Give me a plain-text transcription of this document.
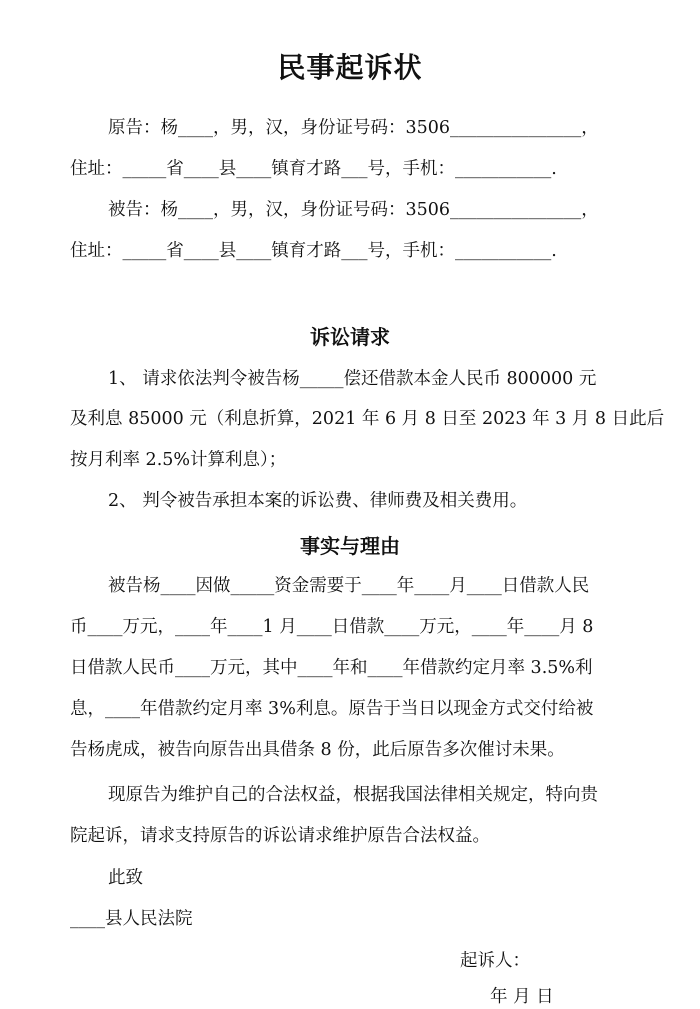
民事起诉状
原告：杨____，男，汉，身份证号码：3506_______________，
住址：_____省____县____镇育才路___号，手机：___________.
被告：杨____，男，汉，身份证号码：3506_______________，
住址：_____省____县____镇育才路___号，手机：___________.
诉讼请求
1、 请求依法判令被告杨_____偿还借款本金人民币 800000 元
及利息 85000 元（利息折算，2021 年 6 月 8 日至 2023 年 3 月 8 日此后
按月利率 2.5%计算利息）；
2、 判令被告承担本案的诉讼费、律师费及相关费用。
事实与理由
被告杨____因做_____资金需要于____年____月____日借款人民
币____万元，____年____1 月____日借款____万元，____年____月 8
日借款人民币____万元，其中____年和____年借款约定月率 3.5%利
息，____年借款约定月率 3%利息。原告于当日以现金方式交付给被
告杨虎成，被告向原告出具借条 8 份，此后原告多次催讨未果。
现原告为维护自己的合法权益，根据我国法律相关规定，特向贵
院起诉，请求支持原告的诉讼请求维护原告合法权益。
此致
____县人民法院
起诉人：
年 月 日
